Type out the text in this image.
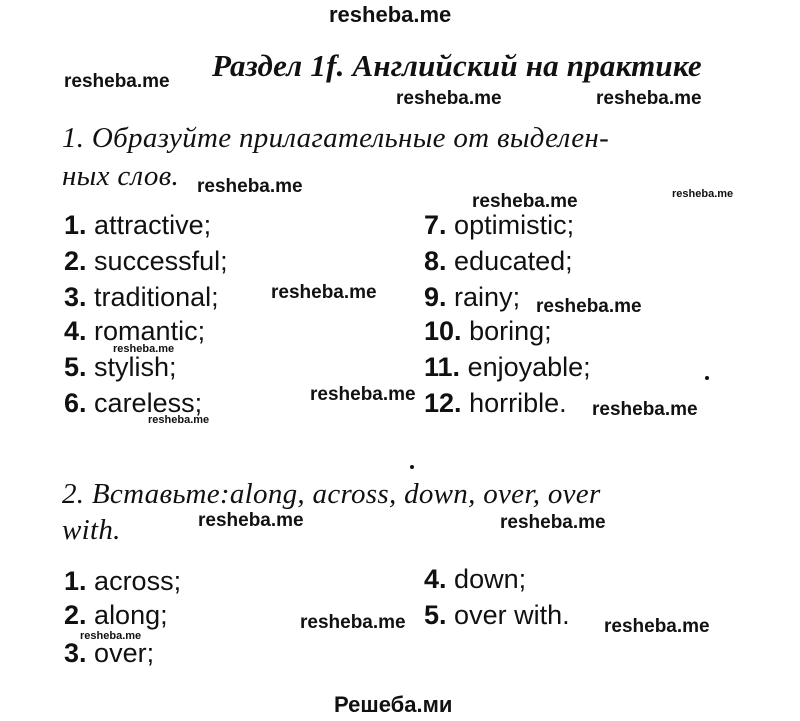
resheba.me
Раздел 1f. Английский на практике
1. Образуйте прилагательные от выделен-
ных слов.
1. attractive;
2. successful;
3. traditional;
4. romantic;
5. stylish;
6. careless;
7. optimistic;
8. educated;
9. rainy;
10. boring;
11. enjoyable;
12. horrible.
2. Вставьте:along, across, down, over, over
with.
1. across;
2. along;
3. over;
4. down;
5. over with.
resheba.me
resheba.me	resheba.me
resheba.me
resheba.me	resheba.me
resheba.me
resheba.me
resheba.me
resheba.me
resheba.me
resheba.me
resheba.me	resheba.me
resheba.me	resheba.me
resheba.me
Решеба.ми
